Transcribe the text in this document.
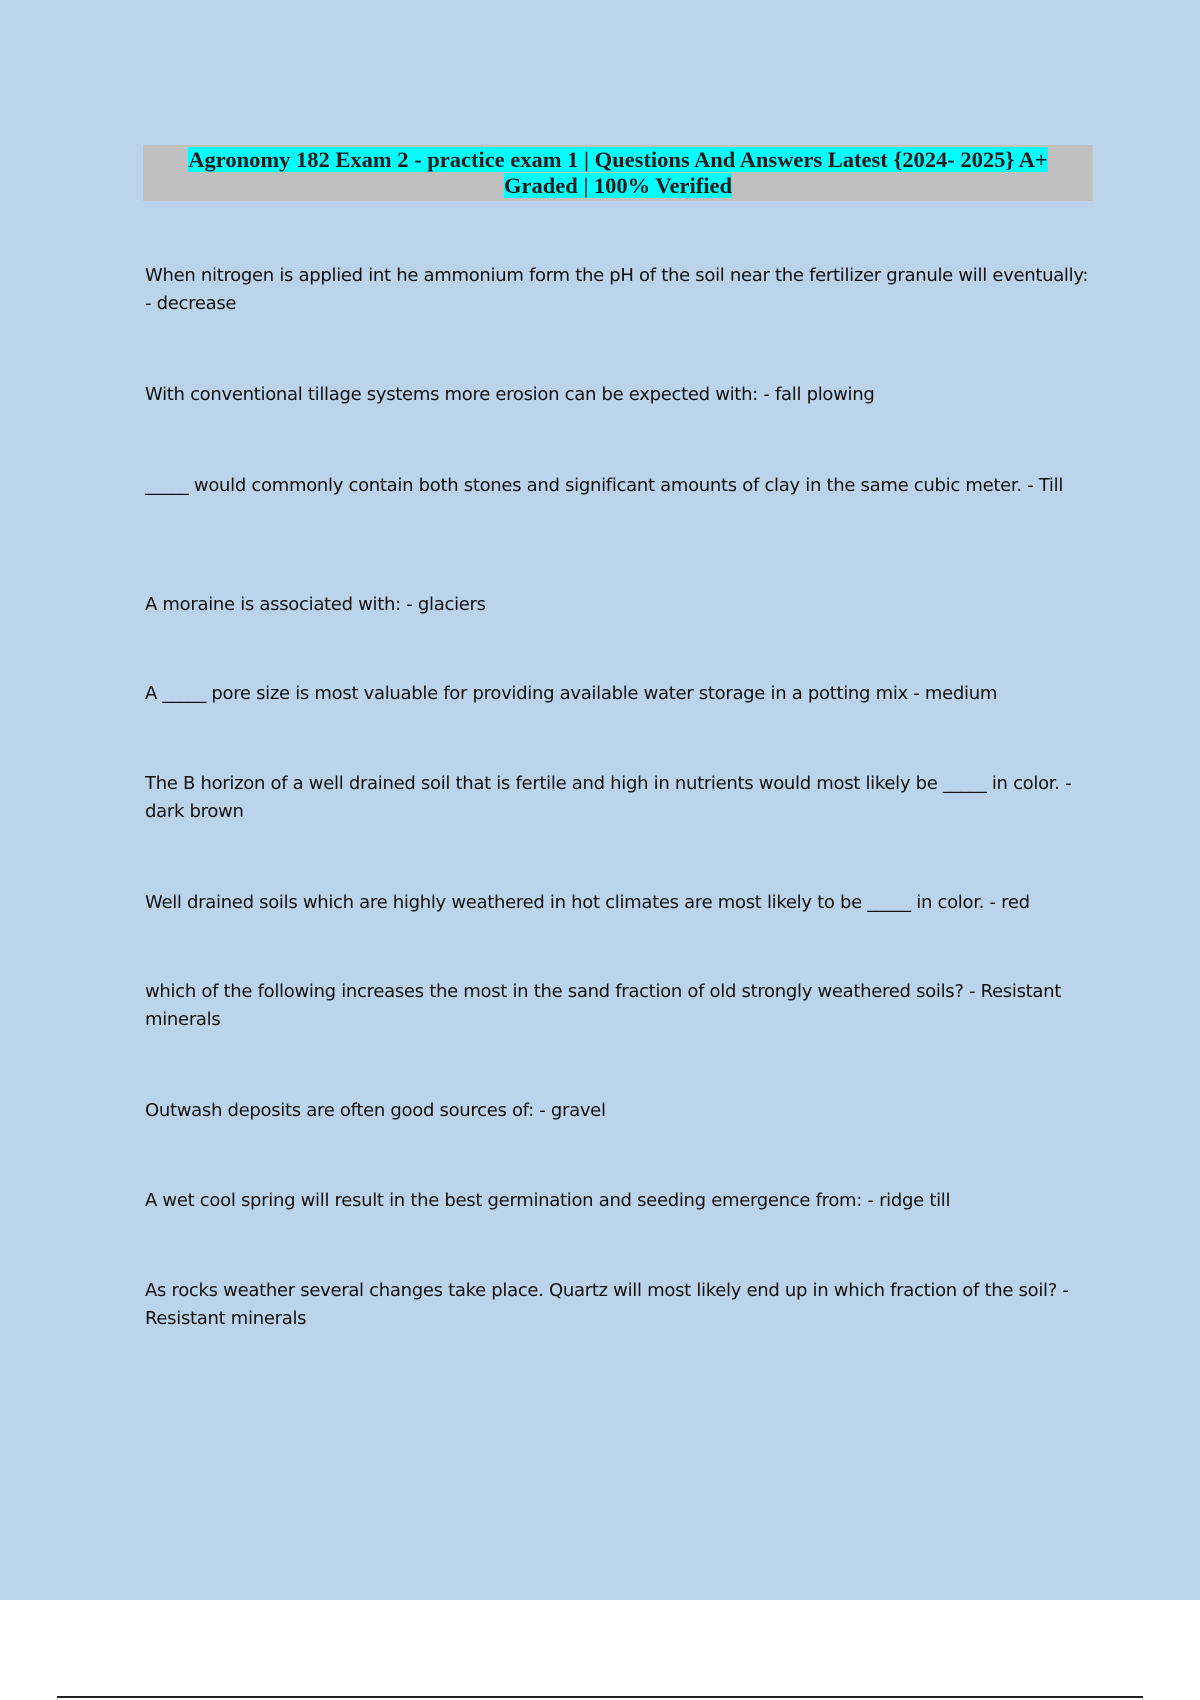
Agronomy 182 Exam 2 - practice exam 1 | Questions And Answers Latest {2024- 2025} A+
Graded | 100% Verified
When nitrogen is applied int he ammonium form the pH of the soil near the fertilizer granule will eventually: - decrease
With conventional tillage systems more erosion can be expected with: - fall plowing
_____ would commonly contain both stones and significant amounts of clay in the same cubic meter. - Till
A moraine is associated with: - glaciers
A _____ pore size is most valuable for providing available water storage in a potting mix - medium
The B horizon of a well drained soil that is fertile and high in nutrients would most likely be _____ in color. - dark brown
Well drained soils which are highly weathered in hot climates are most likely to be _____ in color. - red
which of the following increases the most in the sand fraction of old strongly weathered soils? - Resistant minerals
Outwash deposits are often good sources of: - gravel
A wet cool spring will result in the best germination and seeding emergence from: - ridge till
As rocks weather several changes take place. Quartz will most likely end up in which fraction of the soil? - Resistant minerals
